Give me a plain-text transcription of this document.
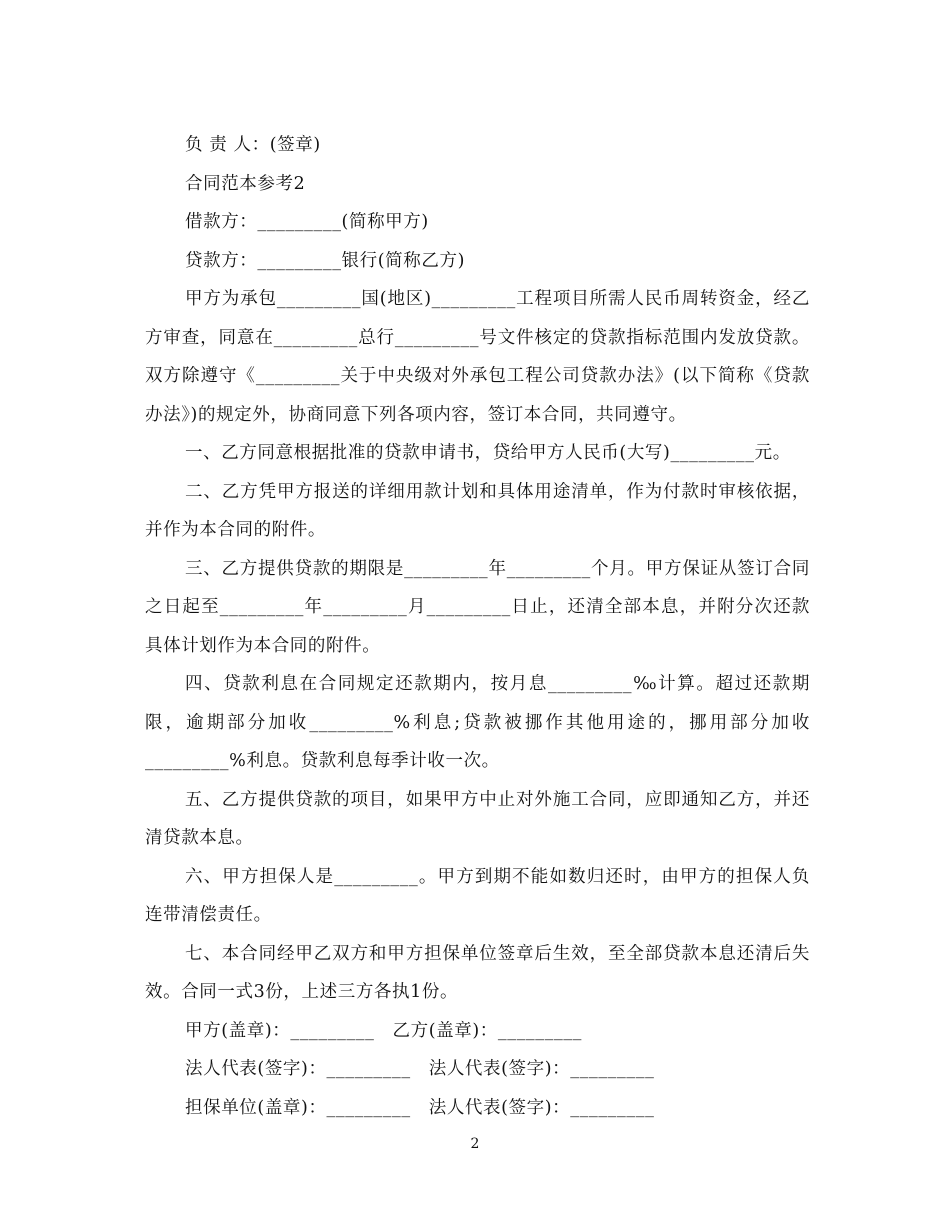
负 责 人：(签章)
合同范本参考2
借款方：_________(简称甲方)
贷款方：_________银行(简称乙方)
甲方为承包_________国(地区)_________工程项目所需人民币周转资金，经乙方审查，同意在_________总行_________号文件核定的贷款指标范围内发放贷款。双方除遵守《_________关于中央级对外承包工程公司贷款办法》(以下简称《贷款办法》)的规定外，协商同意下列各项内容，签订本合同，共同遵守。
一、乙方同意根据批准的贷款申请书，贷给甲方人民币(大写)_________元。
二、乙方凭甲方报送的详细用款计划和具体用途清单，作为付款时审核依据，并作为本合同的附件。
三、乙方提供贷款的期限是_________年_________个月。甲方保证从签订合同之日起至_________年_________月_________日止，还清全部本息，并附分次还款具体计划作为本合同的附件。
四、贷款利息在合同规定还款期内，按月息_________‰计算。超过还款期限，逾期部分加收_________%利息;贷款被挪作其他用途的，挪用部分加收_________%利息。贷款利息每季计收一次。
五、乙方提供贷款的项目，如果甲方中止对外施工合同，应即通知乙方，并还清贷款本息。
六、甲方担保人是_________。甲方到期不能如数归还时，由甲方的担保人负连带清偿责任。
七、本合同经甲乙双方和甲方担保单位签章后生效，至全部贷款本息还清后失效。合同一式3份，上述三方各执1份。
甲方(盖章)：_________ 乙方(盖章)：_________
法人代表(签字)：_________ 法人代表(签字)：_________
担保单位(盖章)：_________ 法人代表(签字)：_________
2
